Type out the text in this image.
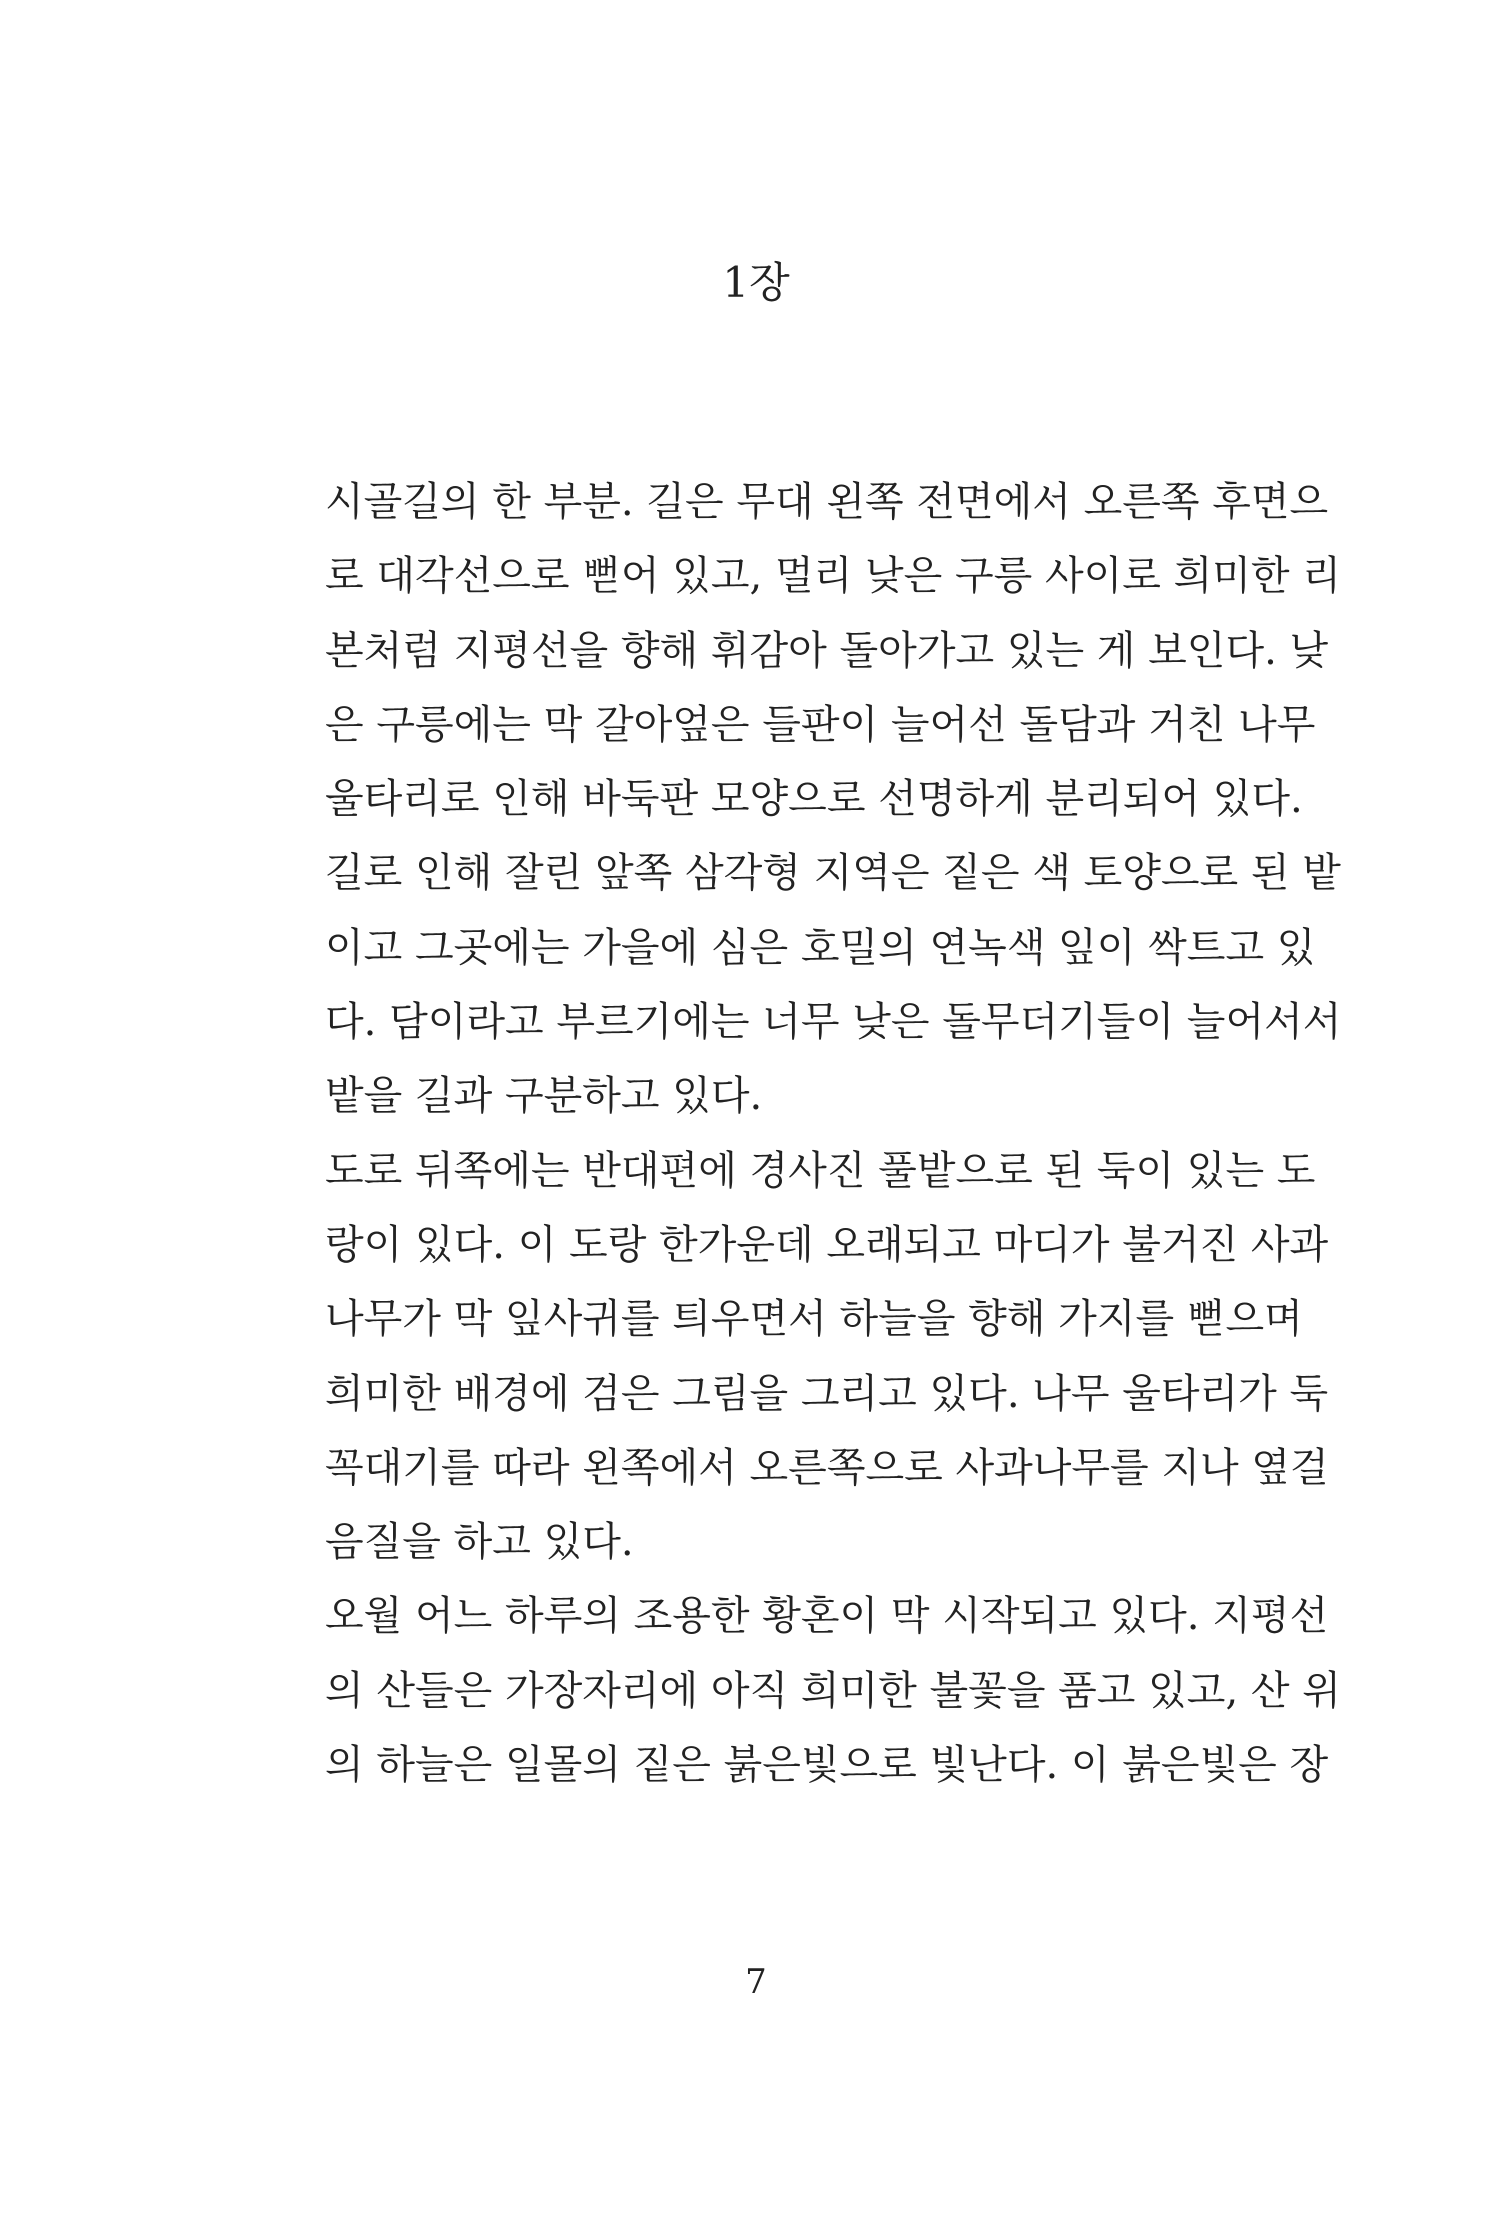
1장
시골길의 한 부분. 길은 무대 왼쪽 전면에서 오른쪽 후면으
로 대각선으로 뻗어 있고, 멀리 낮은 구릉 사이로 희미한 리
본처럼 지평선을 향해 휘감아 돌아가고 있는 게 보인다. 낮
은 구릉에는 막 갈아엎은 들판이 늘어선 돌담과 거친 나무
울타리로 인해 바둑판 모양으로 선명하게 분리되어 있다.
길로 인해 잘린 앞쪽 삼각형 지역은 짙은 색 토양으로 된 밭
이고 그곳에는 가을에 심은 호밀의 연녹색 잎이 싹트고 있
다. 담이라고 부르기에는 너무 낮은 돌무더기들이 늘어서서
밭을 길과 구분하고 있다.
도로 뒤쪽에는 반대편에 경사진 풀밭으로 된 둑이 있는 도
랑이 있다. 이 도랑 한가운데 오래되고 마디가 불거진 사과
나무가 막 잎사귀를 틔우면서 하늘을 향해 가지를 뻗으며
희미한 배경에 검은 그림을 그리고 있다. 나무 울타리가 둑
꼭대기를 따라 왼쪽에서 오른쪽으로 사과나무를 지나 옆걸
음질을 하고 있다.
오월 어느 하루의 조용한 황혼이 막 시작되고 있다. 지평선
의 산들은 가장자리에 아직 희미한 불꽃을 품고 있고, 산 위
의 하늘은 일몰의 짙은 붉은빛으로 빛난다. 이 붉은빛은 장
7
